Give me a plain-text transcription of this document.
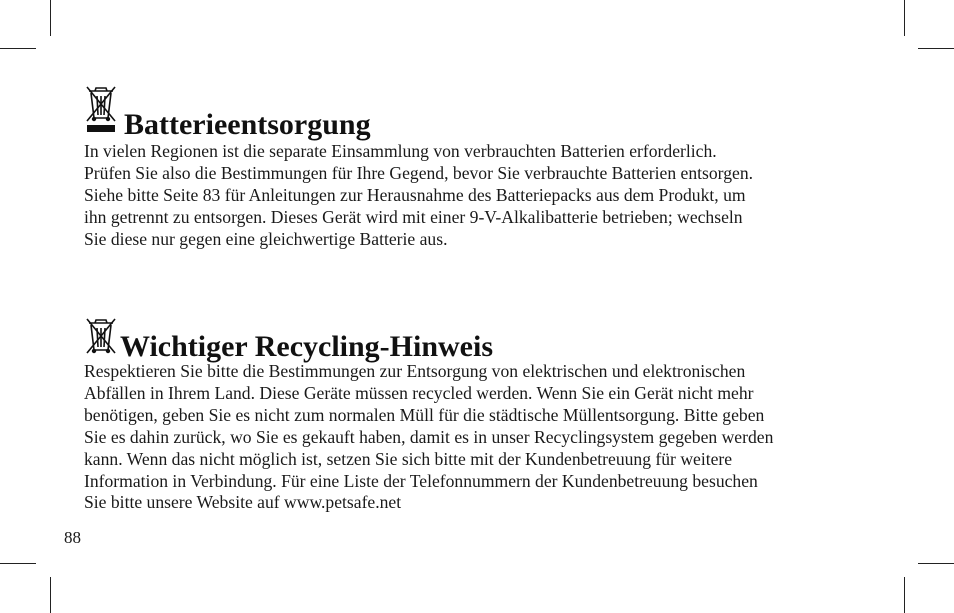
Batterieentsorgung

In vielen Regionen ist die separate Einsammlung von verbrauchten Batterien erforderlich.
Prüfen Sie also die Bestimmungen für Ihre Gegend, bevor Sie verbrauchte Batterien entsorgen.
Siehe bitte Seite 83 für Anleitungen zur Herausnahme des Batteriepacks aus dem Produkt, um
ihn getrennt zu entsorgen. Dieses Gerät wird mit einer 9-V-Alkalibatterie betrieben; wechseln
Sie diese nur gegen eine gleichwertige Batterie aus.

Wichtiger Recycling-Hinweis

Respektieren Sie bitte die Bestimmungen zur Entsorgung von elektrischen und elektronischen
Abfällen in Ihrem Land. Diese Geräte müssen recycled werden. Wenn Sie ein Gerät nicht mehr
benötigen, geben Sie es nicht zum normalen Müll für die städtische Müllentsorgung. Bitte geben
Sie es dahin zurück, wo Sie es gekauft haben, damit es in unser Recyclingsystem gegeben werden
kann. Wenn das nicht möglich ist, setzen Sie sich bitte mit der Kundenbetreuung für weitere
Information in Verbindung. Für eine Liste der Telefonnummern der Kundenbetreuung besuchen
Sie bitte unsere Website auf www.petsafe.net

88
